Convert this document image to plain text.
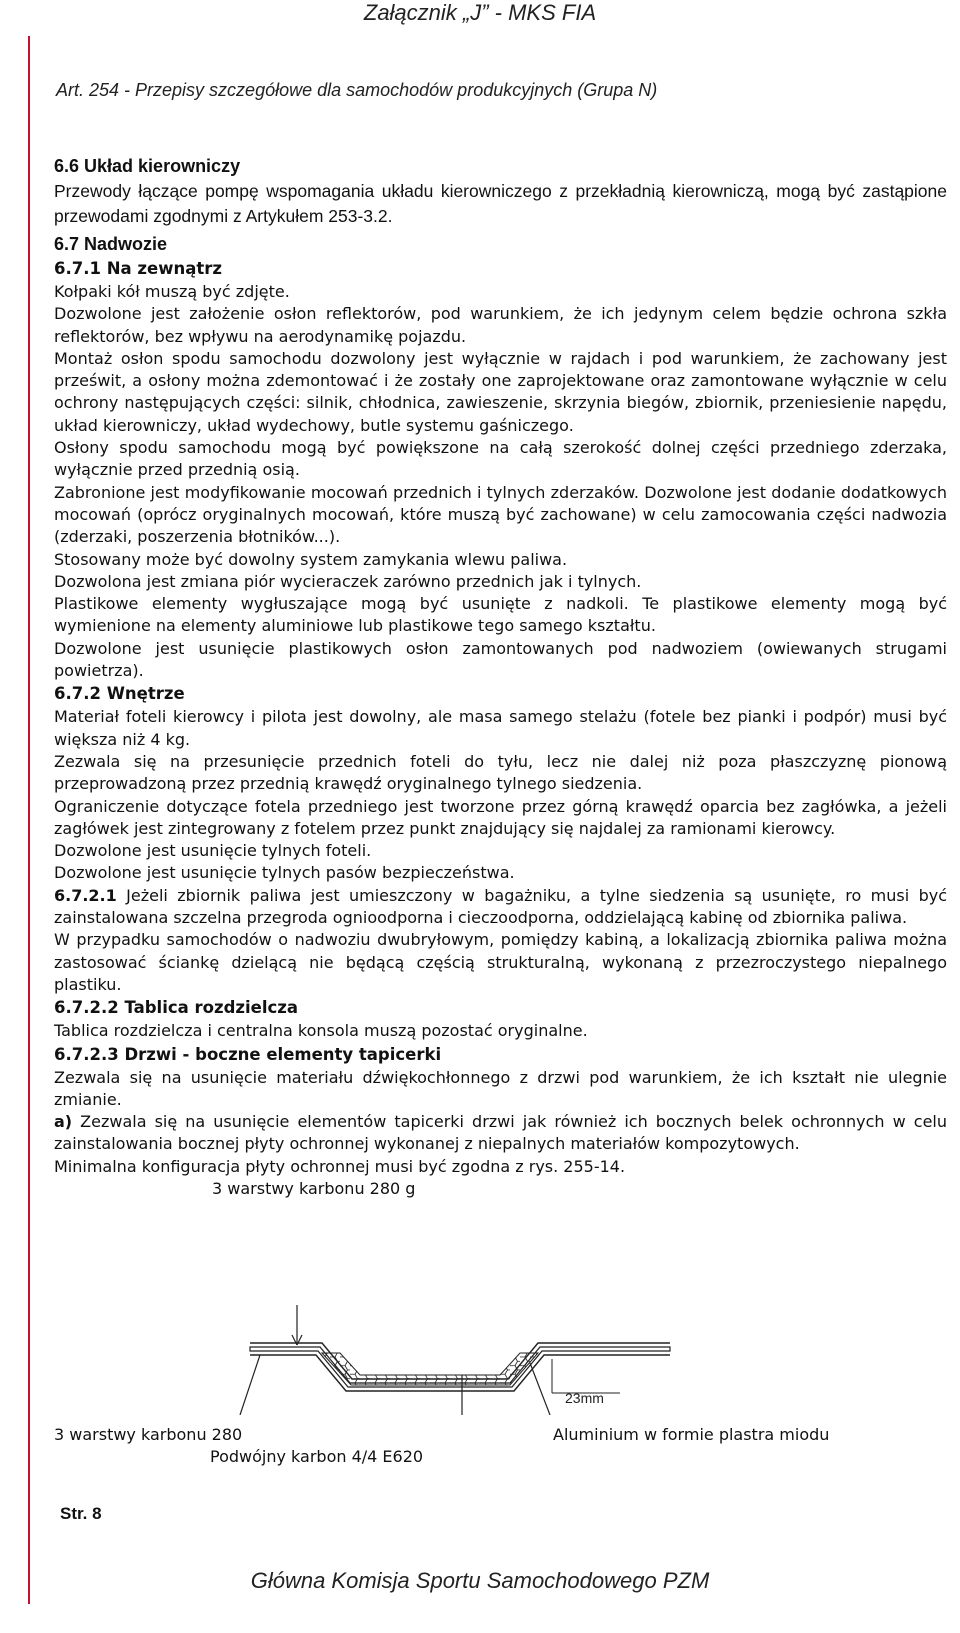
Załącznik „J” - MKS FIA
Art. 254 - Przepisy szczegółowe dla samochodów produkcyjnych (Grupa N)

6.6 Układ kierowniczy

Przewody łączące pompę wspomagania układu kierowniczego z przekładnią kierowniczą, mogą być zastąpione przewodami zgodnymi z Artykułem 253-3.2.

6.7 Nadwozie

6.7.1 Na zewnątrz

Kołpaki kół muszą być zdjęte.

Dozwolone jest założenie osłon reflektorów, pod warunkiem, że ich jedynym celem będzie ochrona szkła reflektorów, bez wpływu na aerodynamikę pojazdu.

Montaż osłon spodu samochodu dozwolony jest wyłącznie w rajdach i pod warunkiem, że zachowany jest prześwit, a osłony można zdemontować i że zostały one zaprojektowane oraz zamontowane wyłącznie w celu ochrony następujących części: silnik, chłodnica, zawieszenie, skrzynia biegów, zbiornik, przeniesienie napędu, układ kierowniczy, układ wydechowy, butle systemu gaśniczego.

Osłony spodu samochodu mogą być powiększone na całą szerokość dolnej części przedniego zderzaka, wyłącznie przed przednią osią.

Zabronione jest modyfikowanie mocowań przednich i tylnych zderzaków. Dozwolone jest dodanie dodatkowych mocowań (oprócz oryginalnych mocowań, które muszą być zachowane) w celu zamocowania części nadwozia (zderzaki, poszerzenia błotników...).

Stosowany może być dowolny system zamykania wlewu paliwa.

Dozwolona jest zmiana piór wycieraczek zarówno przednich jak i tylnych.

Plastikowe elementy wygłuszające mogą być usunięte z nadkoli. Te plastikowe elementy mogą być wymienione na elementy aluminiowe lub plastikowe tego samego kształtu.

Dozwolone jest usunięcie plastikowych osłon zamontowanych pod nadwoziem (owiewanych strugami powietrza).

6.7.2 Wnętrze

Materiał foteli kierowcy i pilota jest dowolny, ale masa samego stelażu (fotele bez pianki i podpór) musi być większa niż 4 kg.

Zezwala się na przesunięcie przednich foteli do tyłu, lecz nie dalej niż poza płaszczyznę pionową przeprowadzoną przez przednią krawędź oryginalnego tylnego siedzenia.

Ograniczenie dotyczące fotela przedniego jest tworzone przez górną krawędź oparcia bez zagłówka, a jeżeli zagłówek jest zintegrowany z fotelem przez punkt znajdujący się najdalej za ramionami kierowcy.

Dozwolone jest usunięcie tylnych foteli.

Dozwolone jest usunięcie tylnych pasów bezpieczeństwa.

6.7.2.1 Jeżeli zbiornik paliwa jest umieszczony w bagażniku, a tylne siedzenia są usunięte, ro musi być zainstalowana szczelna przegroda ognioodporna i cieczoodporna, oddzielającą kabinę od zbiornika paliwa.

W przypadku samochodów o nadwoziu dwubryłowym, pomiędzy kabiną, a lokalizacją zbiornika paliwa można zastosować ściankę dzielącą nie będącą częścią strukturalną, wykonaną z przezroczystego niepalnego plastiku.

6.7.2.2 Tablica rozdzielcza

Tablica rozdzielcza i centralna konsola muszą pozostać oryginalne.

6.7.2.3 Drzwi - boczne elementy tapicerki

Zezwala się na usunięcie materiału dźwiękochłonnego z drzwi pod warunkiem, że ich kształt nie ulegnie zmianie.

a) Zezwala się na usunięcie elementów tapicerki drzwi jak również ich bocznych belek ochronnych w celu zainstalowania bocznej płyty ochronnej wykonanej z niepalnych materiałów kompozytowych.

Minimalna konfiguracja płyty ochronnej musi być zgodna z rys. 255-14.

3 warstwy karbonu 280 g

23mm
3 warstwy karbonu 280	Aluminium w formie plastra miodu
Podwójny karbon 4/4 E620
Str. 8
Główna Komisja Sportu Samochodowego PZM
